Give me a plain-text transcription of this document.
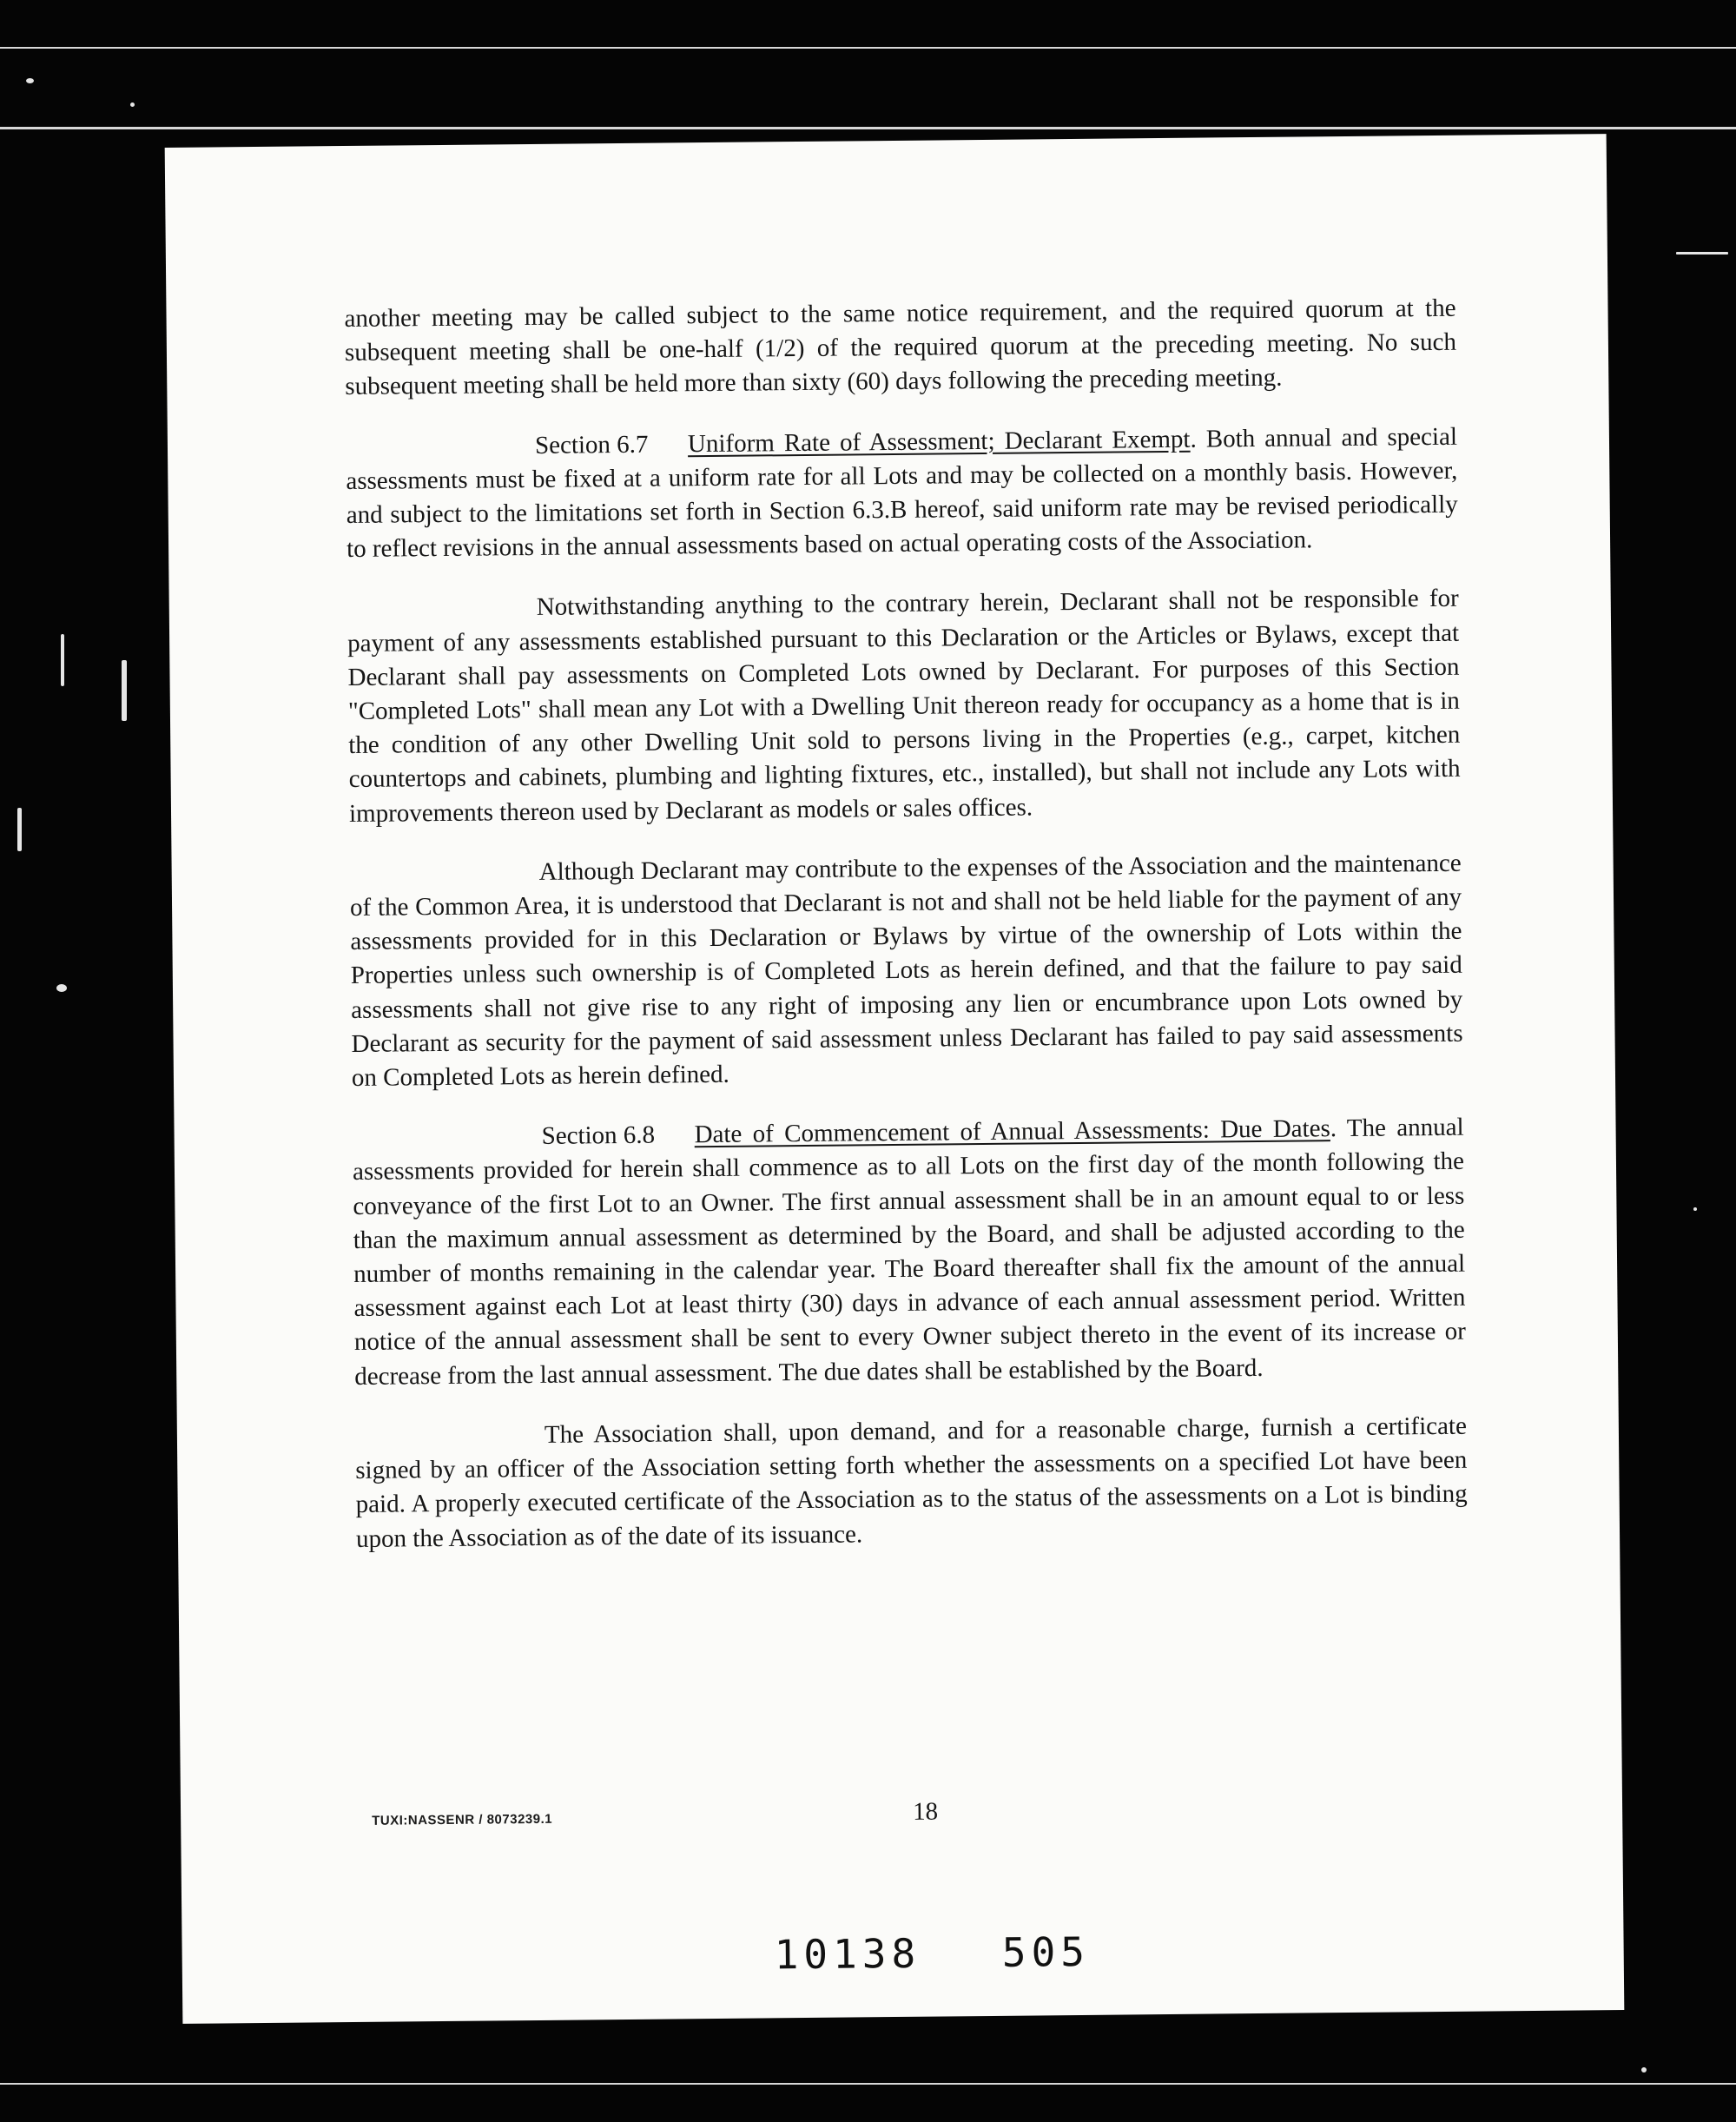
another meeting may be called subject to the same notice requirement, and the required quorum at the subsequent meeting shall be one-half (1/2) of the required quorum at the preceding meeting. No such subsequent meeting shall be held more than sixty (60) days following the preceding meeting.

Section 6.7 Uniform Rate of Assessment; Declarant Exempt. Both annual and special assessments must be fixed at a uniform rate for all Lots and may be collected on a monthly basis. However, and subject to the limitations set forth in Section 6.3.B hereof, said uniform rate may be revised periodically to reflect revisions in the annual assessments based on actual operating costs of the Association.

Notwithstanding anything to the contrary herein, Declarant shall not be responsible for payment of any assessments established pursuant to this Declaration or the Articles or Bylaws, except that Declarant shall pay assessments on Completed Lots owned by Declarant. For purposes of this Section "Completed Lots" shall mean any Lot with a Dwelling Unit thereon ready for occupancy as a home that is in the condition of any other Dwelling Unit sold to persons living in the Properties (e.g., carpet, kitchen countertops and cabinets, plumbing and lighting fixtures, etc., installed), but shall not include any Lots with improvements thereon used by Declarant as models or sales offices.

Although Declarant may contribute to the expenses of the Association and the maintenance of the Common Area, it is understood that Declarant is not and shall not be held liable for the payment of any assessments provided for in this Declaration or Bylaws by virtue of the ownership of Lots within the Properties unless such ownership is of Completed Lots as herein defined, and that the failure to pay said assessments shall not give rise to any right of imposing any lien or encumbrance upon Lots owned by Declarant as security for the payment of said assessment unless Declarant has failed to pay said assessments on Completed Lots as herein defined.

Section 6.8 Date of Commencement of Annual Assessments: Due Dates. The annual assessments provided for herein shall commence as to all Lots on the first day of the month following the conveyance of the first Lot to an Owner. The first annual assessment shall be in an amount equal to or less than the maximum annual assessment as determined by the Board, and shall be adjusted according to the number of months remaining in the calendar year. The Board thereafter shall fix the amount of the annual assessment against each Lot at least thirty (30) days in advance of each annual assessment period. Written notice of the annual assessment shall be sent to every Owner subject thereto in the event of its increase or decrease from the last annual assessment. The due dates shall be established by the Board.

The Association shall, upon demand, and for a reasonable charge, furnish a certificate signed by an officer of the Association setting forth whether the assessments on a specified Lot have been paid. A properly executed certificate of the Association as to the status of the assessments on a Lot is binding upon the Association as of the date of its issuance.

TUXI:NASSENR / 8073239.1	18
10138 505
